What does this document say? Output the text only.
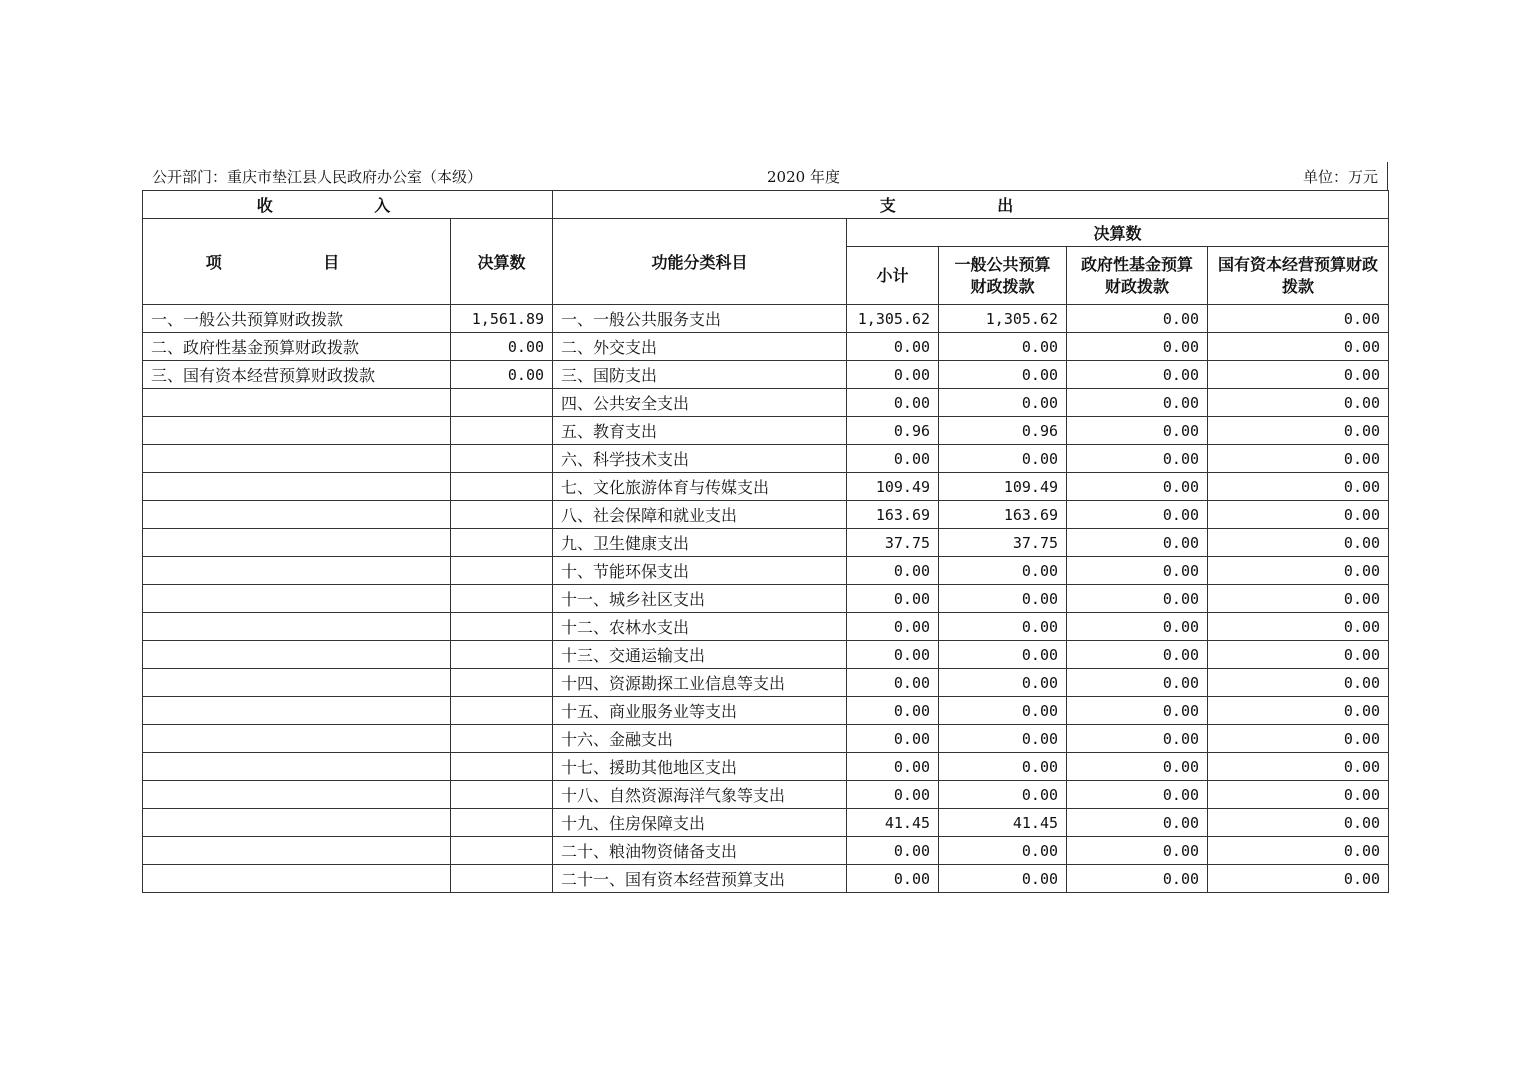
公开部门：重庆市垫江县人民政府办公室（本级）	2020 年度	单位：万元
收 入		支 出				
项 目	决算数	功能分类科目	决算数			
			小计	一般公共预算财政拨款	政府性基金预算财政拨款	国有资本经营预算财政拨款
一、一般公共预算财政拨款	1,561.89	一、一般公共服务支出	1,305.62	1,305.62	0.00	0.00
二、政府性基金预算财政拨款	0.00	二、外交支出	0.00	0.00	0.00	0.00
三、国有资本经营预算财政拨款	0.00	三、国防支出	0.00	0.00	0.00	0.00
		四、公共安全支出	0.00	0.00	0.00	0.00
		五、教育支出	0.96	0.96	0.00	0.00
		六、科学技术支出	0.00	0.00	0.00	0.00
		七、文化旅游体育与传媒支出	109.49	109.49	0.00	0.00
		八、社会保障和就业支出	163.69	163.69	0.00	0.00
		九、卫生健康支出	37.75	37.75	0.00	0.00
		十、节能环保支出	0.00	0.00	0.00	0.00
		十一、城乡社区支出	0.00	0.00	0.00	0.00
		十二、农林水支出	0.00	0.00	0.00	0.00
		十三、交通运输支出	0.00	0.00	0.00	0.00
		十四、资源勘探工业信息等支出	0.00	0.00	0.00	0.00
		十五、商业服务业等支出	0.00	0.00	0.00	0.00
		十六、金融支出	0.00	0.00	0.00	0.00
		十七、援助其他地区支出	0.00	0.00	0.00	0.00
		十八、自然资源海洋气象等支出	0.00	0.00	0.00	0.00
		十九、住房保障支出	41.45	41.45	0.00	0.00
		二十、粮油物资储备支出	0.00	0.00	0.00	0.00
		二十一、国有资本经营预算支出	0.00	0.00	0.00	0.00
